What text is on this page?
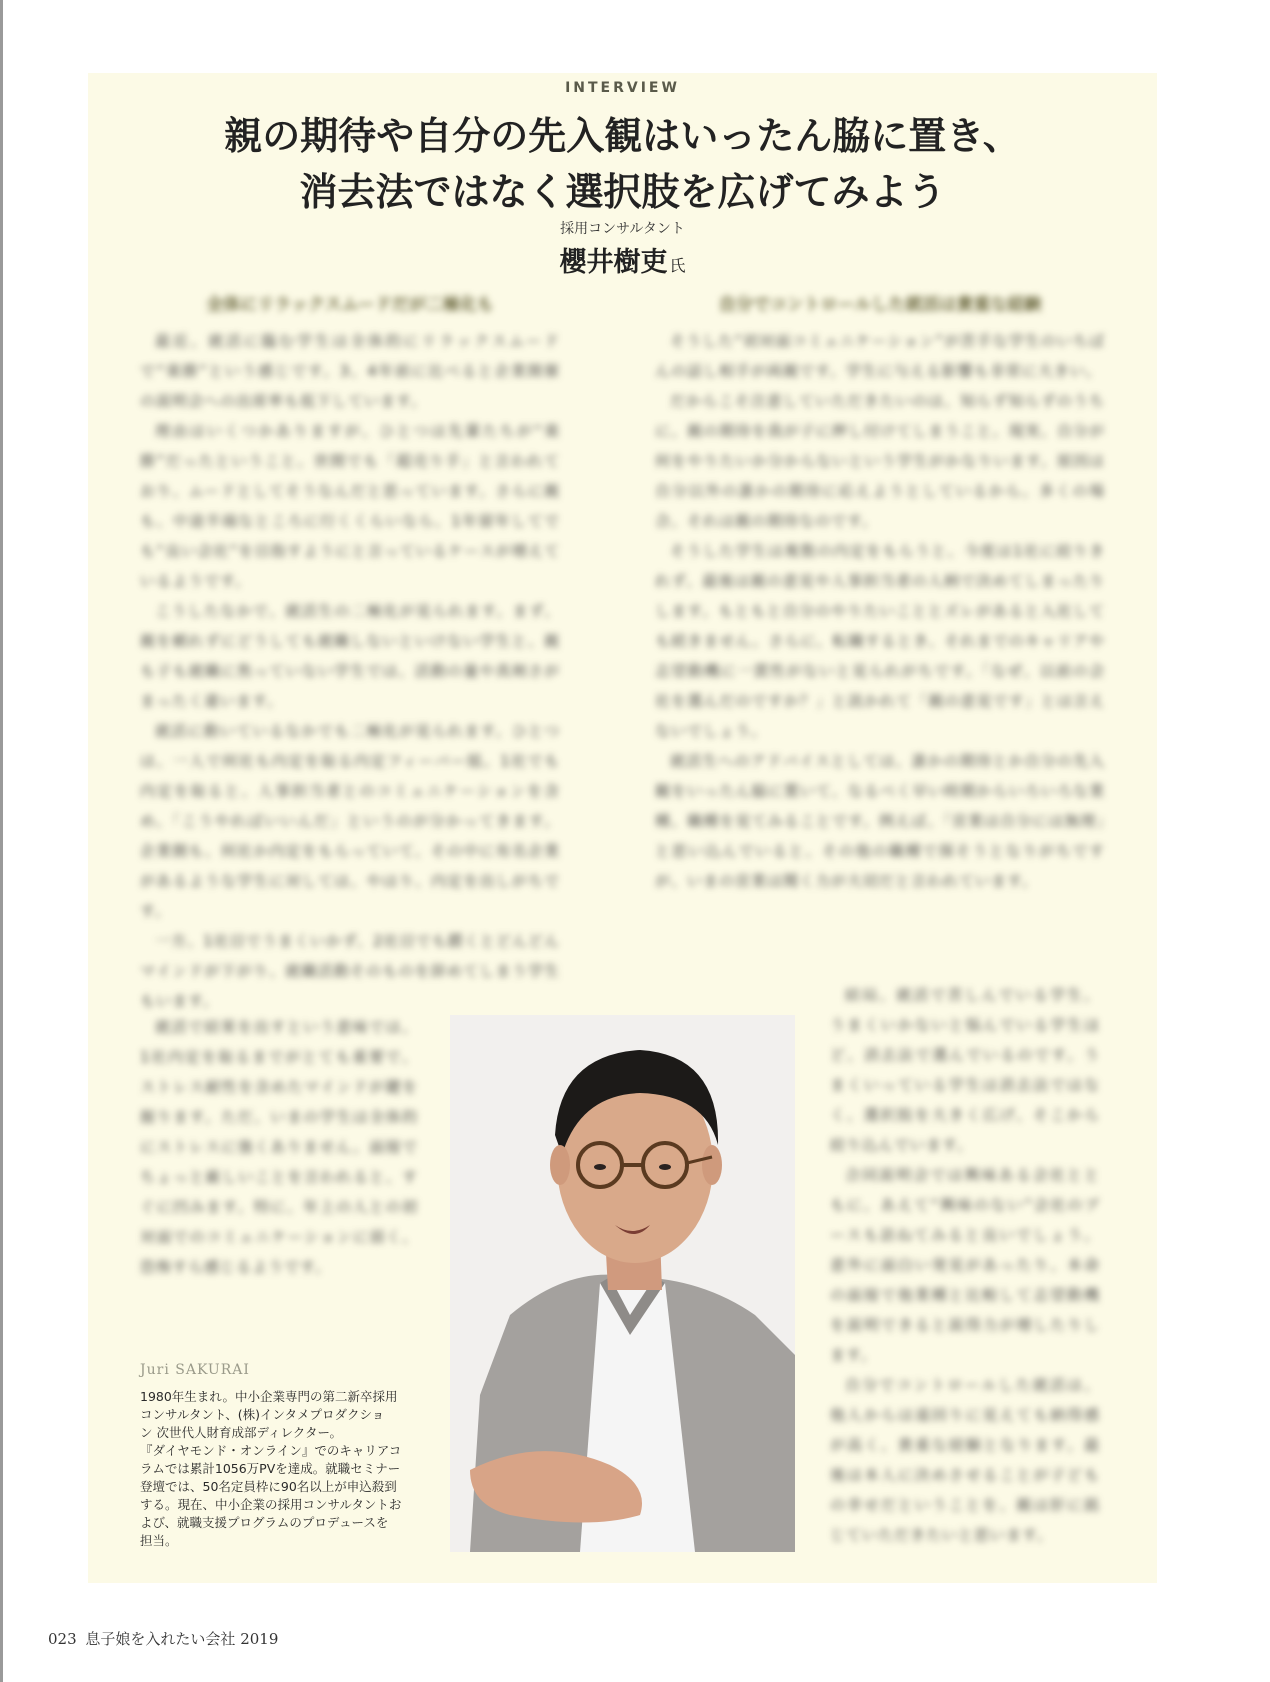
INTERVIEW
親の期待や自分の先入観はいったん脇に置き、
消去法ではなく選択肢を広げてみよう
採用コンサルタント
櫻井樹吏 氏
全体にリラックスムードだが二極化も

最近、就活に臨む学生は全体的にリラックスムードで“楽勝”という感じです。3、4年前に比べると企業開催の説明会への出席率も低下しています。

理由はいくつかありますが、ひとつは先輩たちが“楽勝”だったということ。世間でも「超売り手」と言われており、ムードとしてそうなんだと思っています。さらに親も、中途半端なところに行くくらいなら、1年留年してでも“良い会社”を目指すようにと言っているケースが増えているようです。

こうしたなかで、就活生の二極化が見られます。まず、親を頼れずにどうしても就職しないといけない学生と、親も子も就職に焦っていない学生では、活動の量や真剣さがまったく違います。

就活に動いているなかでも二極化が見られます。ひとつは、一人で何社も内定を取る内定フィーバー組。1社でも内定を取ると、人事担当者とのコミュニケーションを含め、「こうやればいいんだ」というのが分かってきます。企業側も、何社か内定をもらっていて、その中に有名企業があるような学生に対しては、やはり、内定を出しがちです。

一方、1社目でうまくいかず、2社目でも躓くとどんどんマインドが下がり、就職活動そのものを辞めてしまう学生もいます。

就活で結果を出すという意味では、1社内定を取るまでがとても重要で、ストレス耐性を含めたマインドが鍵を握ります。ただ、いまの学生は全体的にストレスに強くありません。面接でちょっと厳しいことを言われると、すぐに凹みます。特に、年上の人との初対面でのコミュニケーションに弱く、恐怖すら感じるようです。

自分でコントロールした就活は貴重な経験

そうした“初対面コミュニケーション”が苦手な学生のいちばんの話し相手が両親です。学生に与える影響も非常に大きい。

だからこそ注意していただきたいのは、知らず知らずのうちに、親の期待を我が子に押し付けてしまうこと。現実、自分が何をやりたいか分からないという学生がかなりいます。原因は自分以外の誰かの期待に応えようとしているから。多くの場合、それは親の期待なのです。

そうした学生は複数の内定をもらうと、今度は1社に絞りきれず、最後は親の意見や人事担当者の人柄で決めてしまったりします。もともと自分のやりたいこととズレがあると入社しても続きません。さらに、転職するとき、それまでのキャリアや志望動機に一貫性がないと見られがちです。「なぜ、以前の会社を選んだのですか？」と訊かれて「親の意見です」とは言えないでしょう。

就活生へのアドバイスとしては、誰かの期待とか自分の先入観をいったん脇に置いて、なるべく早い時期からいろいろな業種、職種を見てみることです。例えば、「営業は自分には無理」と思い込んでいると、その他の職種で探そうとなりがちですが、いまの営業は聞く力が大切だと言われています。

結局、就活で苦しんでいる学生、うまくいかないと悩んでいる学生ほど、消去法で選んでいるのです。うまくいっている学生は消去法ではなく、選択肢を大きく広げ、そこから絞り込んでいます。

合同説明会では興味ある会社とともに、あえて“興味のない”会社のブースも訪ねてみると良いでしょう。意外に面白い発見があったり、本命の面接で他業種と比較して志望動機を説明できると説得力が増したりします。

自分でコントロールした就活は、他人からは遠回りに見えても納得感が高く、貴重な経験となります。最後は本人に決めさせることが子どもの幸せだということを、親は肝に銘じていただきたいと思います。

Juri SAKURAI

1980年生まれ。中小企業専門の第二新卒採用
コンサルタント、(株)インタメプロダクショ
ン 次世代人財育成部ディレクター。
『ダイヤモンド・オンライン』でのキャリアコ
ラムでは累計1056万PVを達成。就職セミナー
登壇では、50名定員枠に90名以上が申込殺到
する。現在、中小企業の採用コンサルタントお
よび、就職支援プログラムのプロデュースを
担当。

023 息子娘を入れたい会社 2019
